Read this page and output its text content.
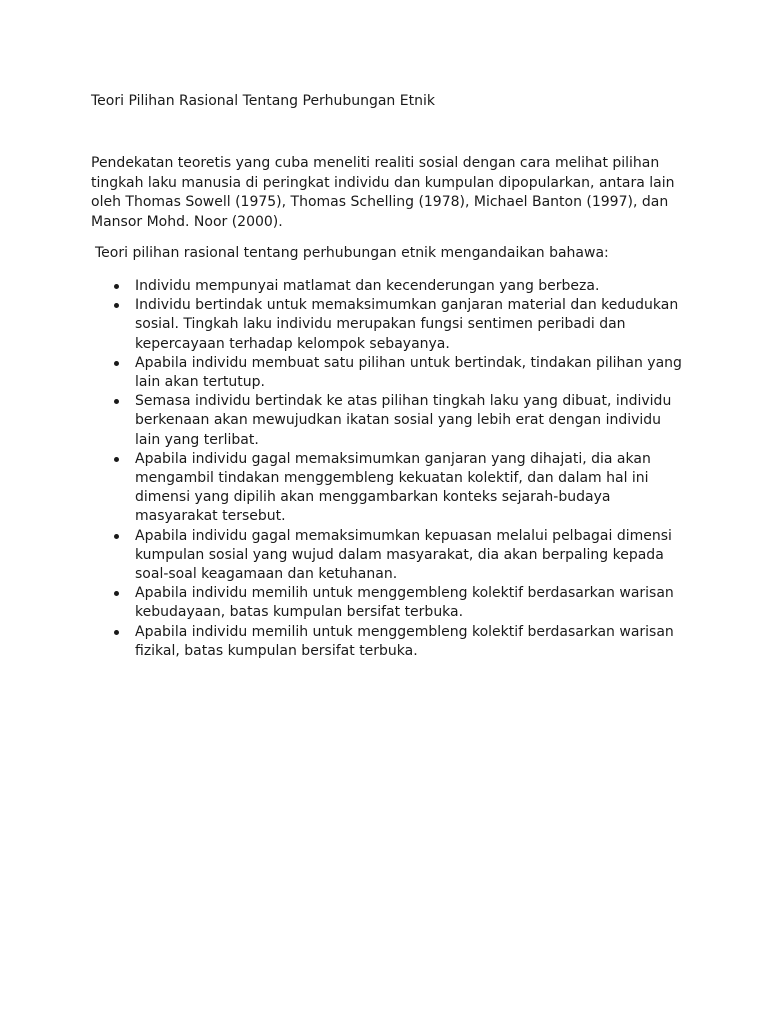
Teori Pilihan Rasional Tentang Perhubungan Etnik

Pendekatan teoretis yang cuba meneliti realiti sosial dengan cara melihat pilihan
tingkah laku manusia di peringkat individu dan kumpulan dipopularkan, antara lain
oleh Thomas Sowell (1975), Thomas Schelling (1978), Michael Banton (1997), dan
Mansor Mohd. Noor (2000).

Teori pilihan rasional tentang perhubungan etnik mengandaikan bahawa:

Individu mempunyai matlamat dan kecenderungan yang berbeza.
Individu bertindak untuk memaksimumkan ganjaran material dan kedudukan
sosial. Tingkah laku individu merupakan fungsi sentimen peribadi dan
kepercayaan terhadap kelompok sebayanya.
Apabila individu membuat satu pilihan untuk bertindak, tindakan pilihan yang
lain akan tertutup.
Semasa individu bertindak ke atas pilihan tingkah laku yang dibuat, individu
berkenaan akan mewujudkan ikatan sosial yang lebih erat dengan individu
lain yang terlibat.
Apabila individu gagal memaksimumkan ganjaran yang dihajati, dia akan
mengambil tindakan menggembleng kekuatan kolektif, dan dalam hal ini
dimensi yang dipilih akan menggambarkan konteks sejarah-budaya
masyarakat tersebut.
Apabila individu gagal memaksimumkan kepuasan melalui pelbagai dimensi
kumpulan sosial yang wujud dalam masyarakat, dia akan berpaling kepada
soal-soal keagamaan dan ketuhanan.
Apabila individu memilih untuk menggembleng kolektif berdasarkan warisan
kebudayaan, batas kumpulan bersifat terbuka.
Apabila individu memilih untuk menggembleng kolektif berdasarkan warisan
fizikal, batas kumpulan bersifat terbuka.
